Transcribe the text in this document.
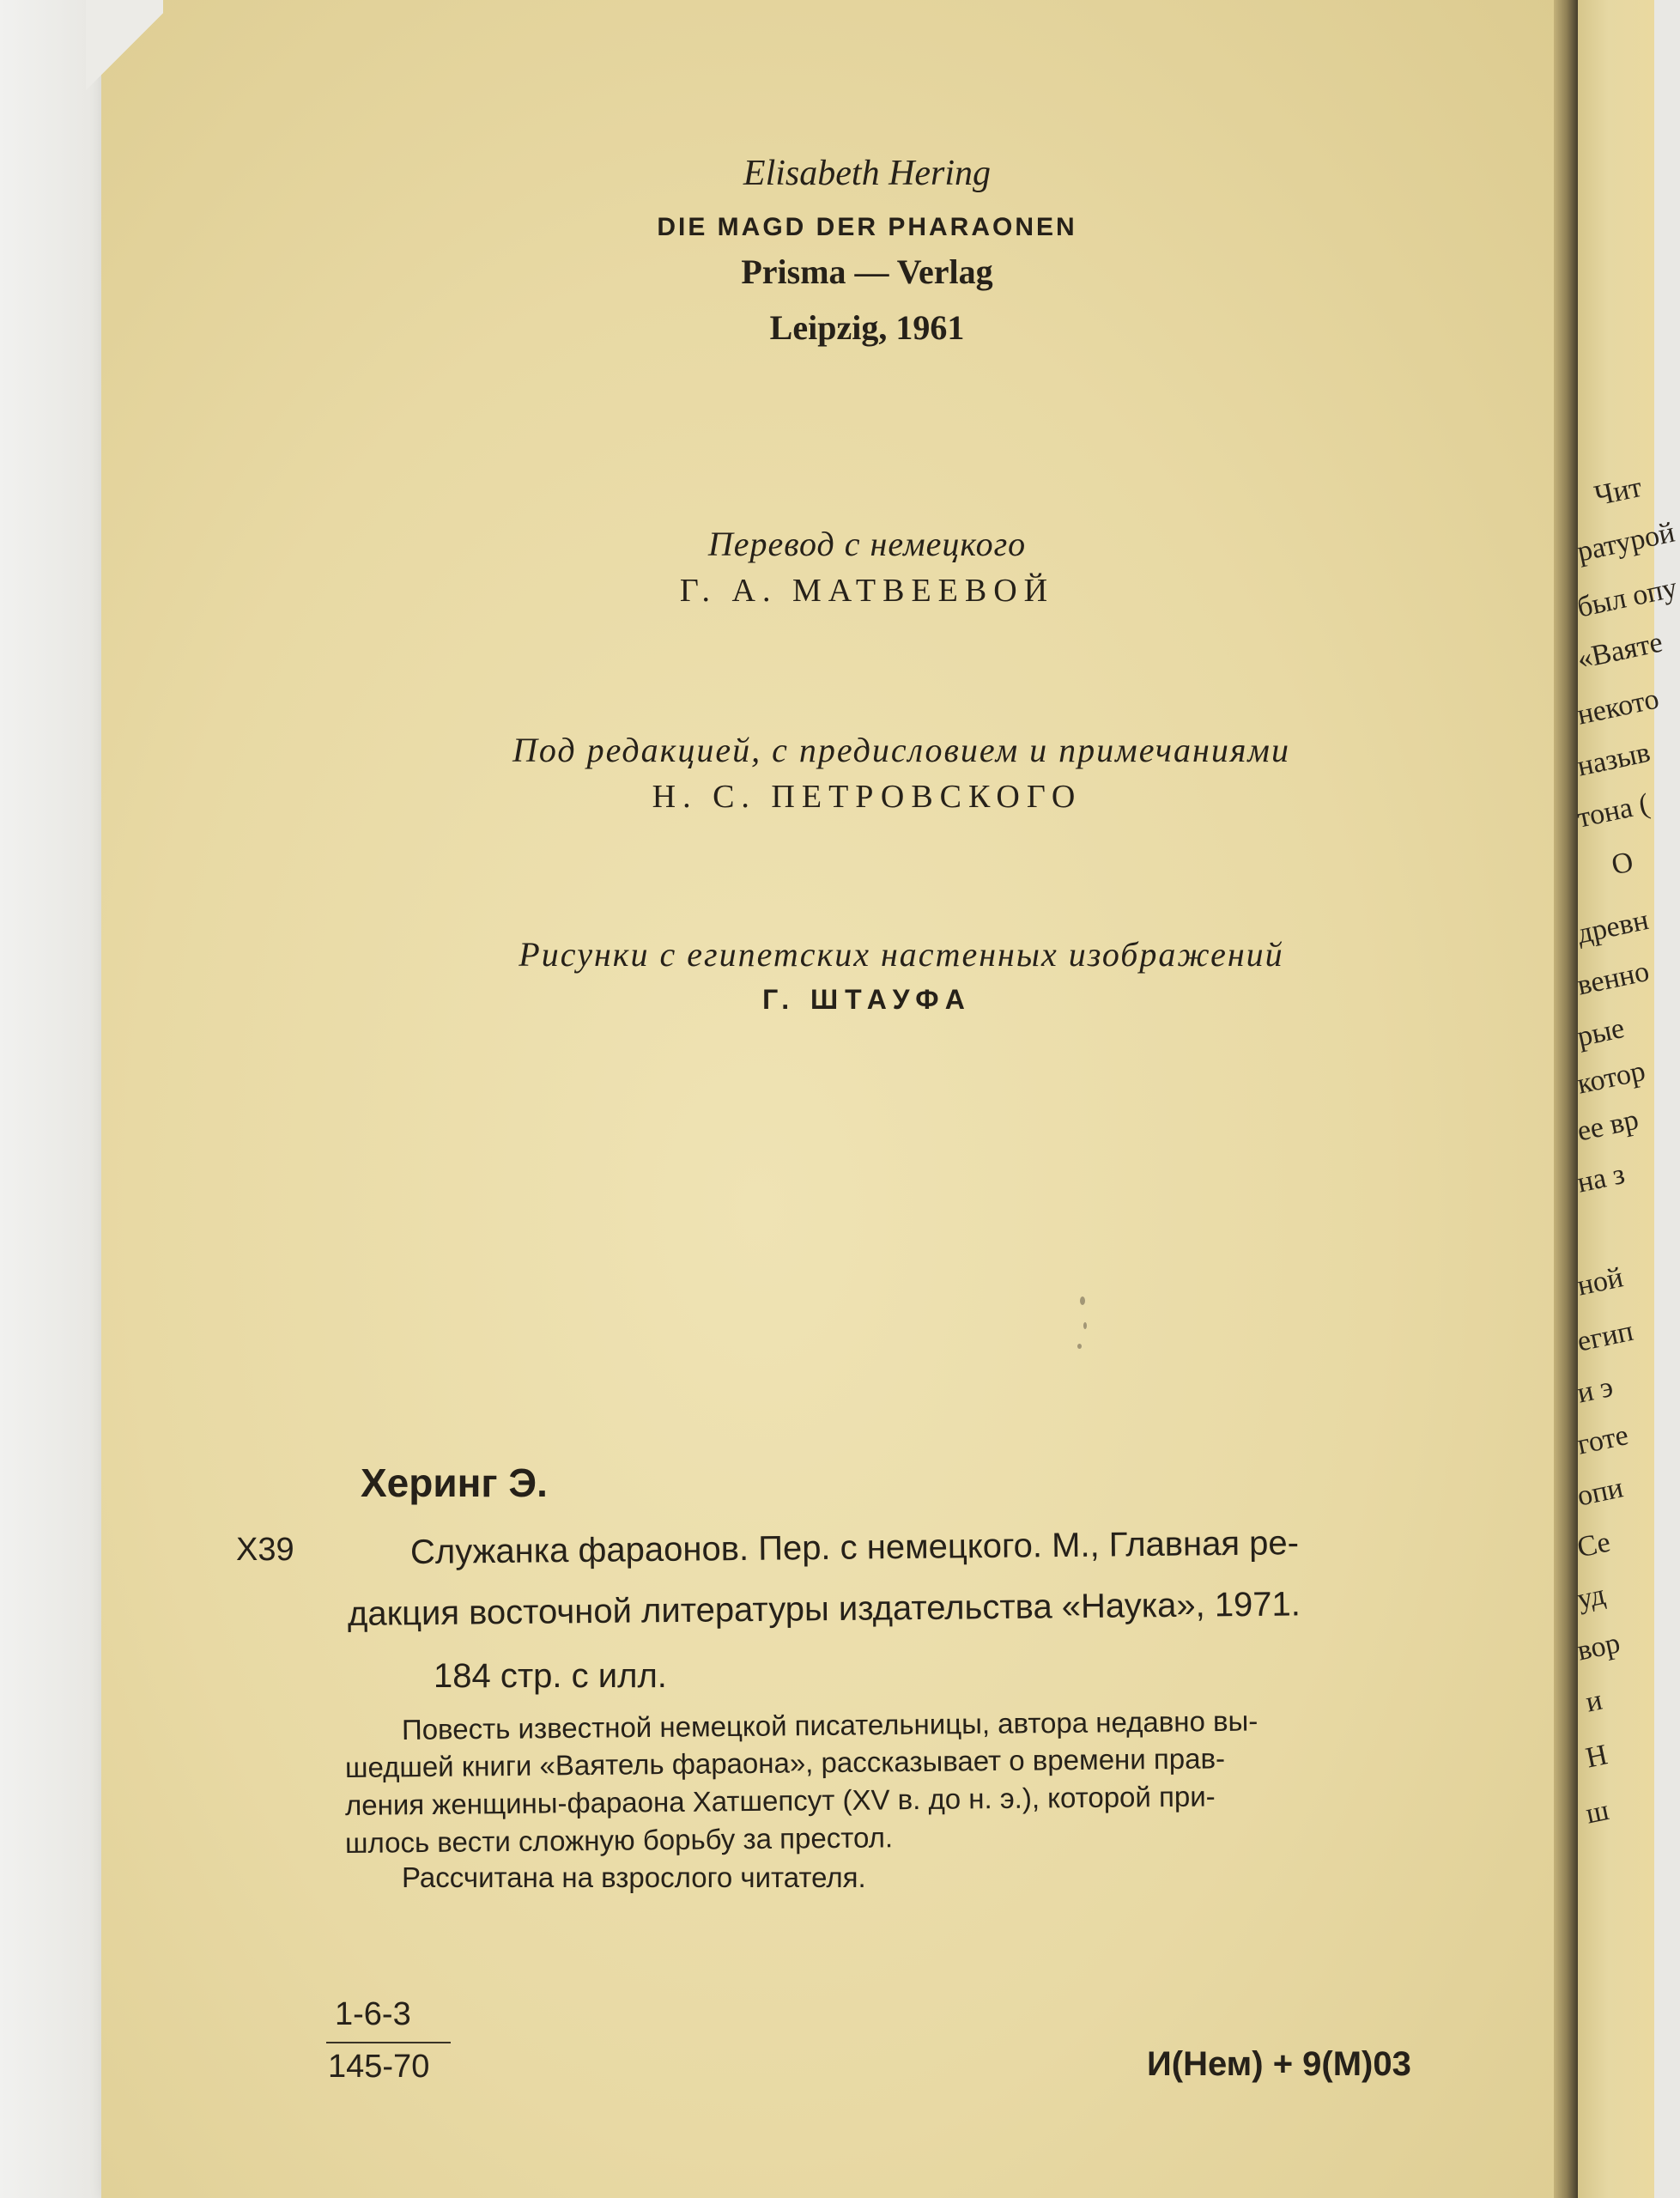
Чит
ратурой
был опу
«Ваяте
некото
назыв
тона (
О
древн
венно
рые
котор
ее вр
на з
ной
егип
и э
готе
опи
Се
уд
вор
и
Н
ш
Elisabeth Hering
DIE MAGD DER PHARAONEN
Prisma — Verlag
Leipzig, 1961
Перевод с немецкого
Г. А. МАТВЕЕВОЙ
Под редакцией, с предисловием и примечаниями
Н. С. ПЕТРОВСКОГО
Рисунки с египетских настенных изображений
Г. ШТАУФА
Херинг Э.
Х39	Служанка фараонов. Пер. с немецкого. М., Главная ре-
дакция восточной литературы издательства «Наука», 1971.
184 стр. с илл.
Повесть известной немецкой писательницы, автора недавно вы-
шедшей книги «Ваятель фараона», рассказывает о времени прав-
ления женщины-фараона Хатшепсут (XV в. до н. э.), которой при-
шлось вести сложную борьбу за престол.
Рассчитана на взрослого читателя.
1-6-3
145-70	И(Нем) + 9(М)03
